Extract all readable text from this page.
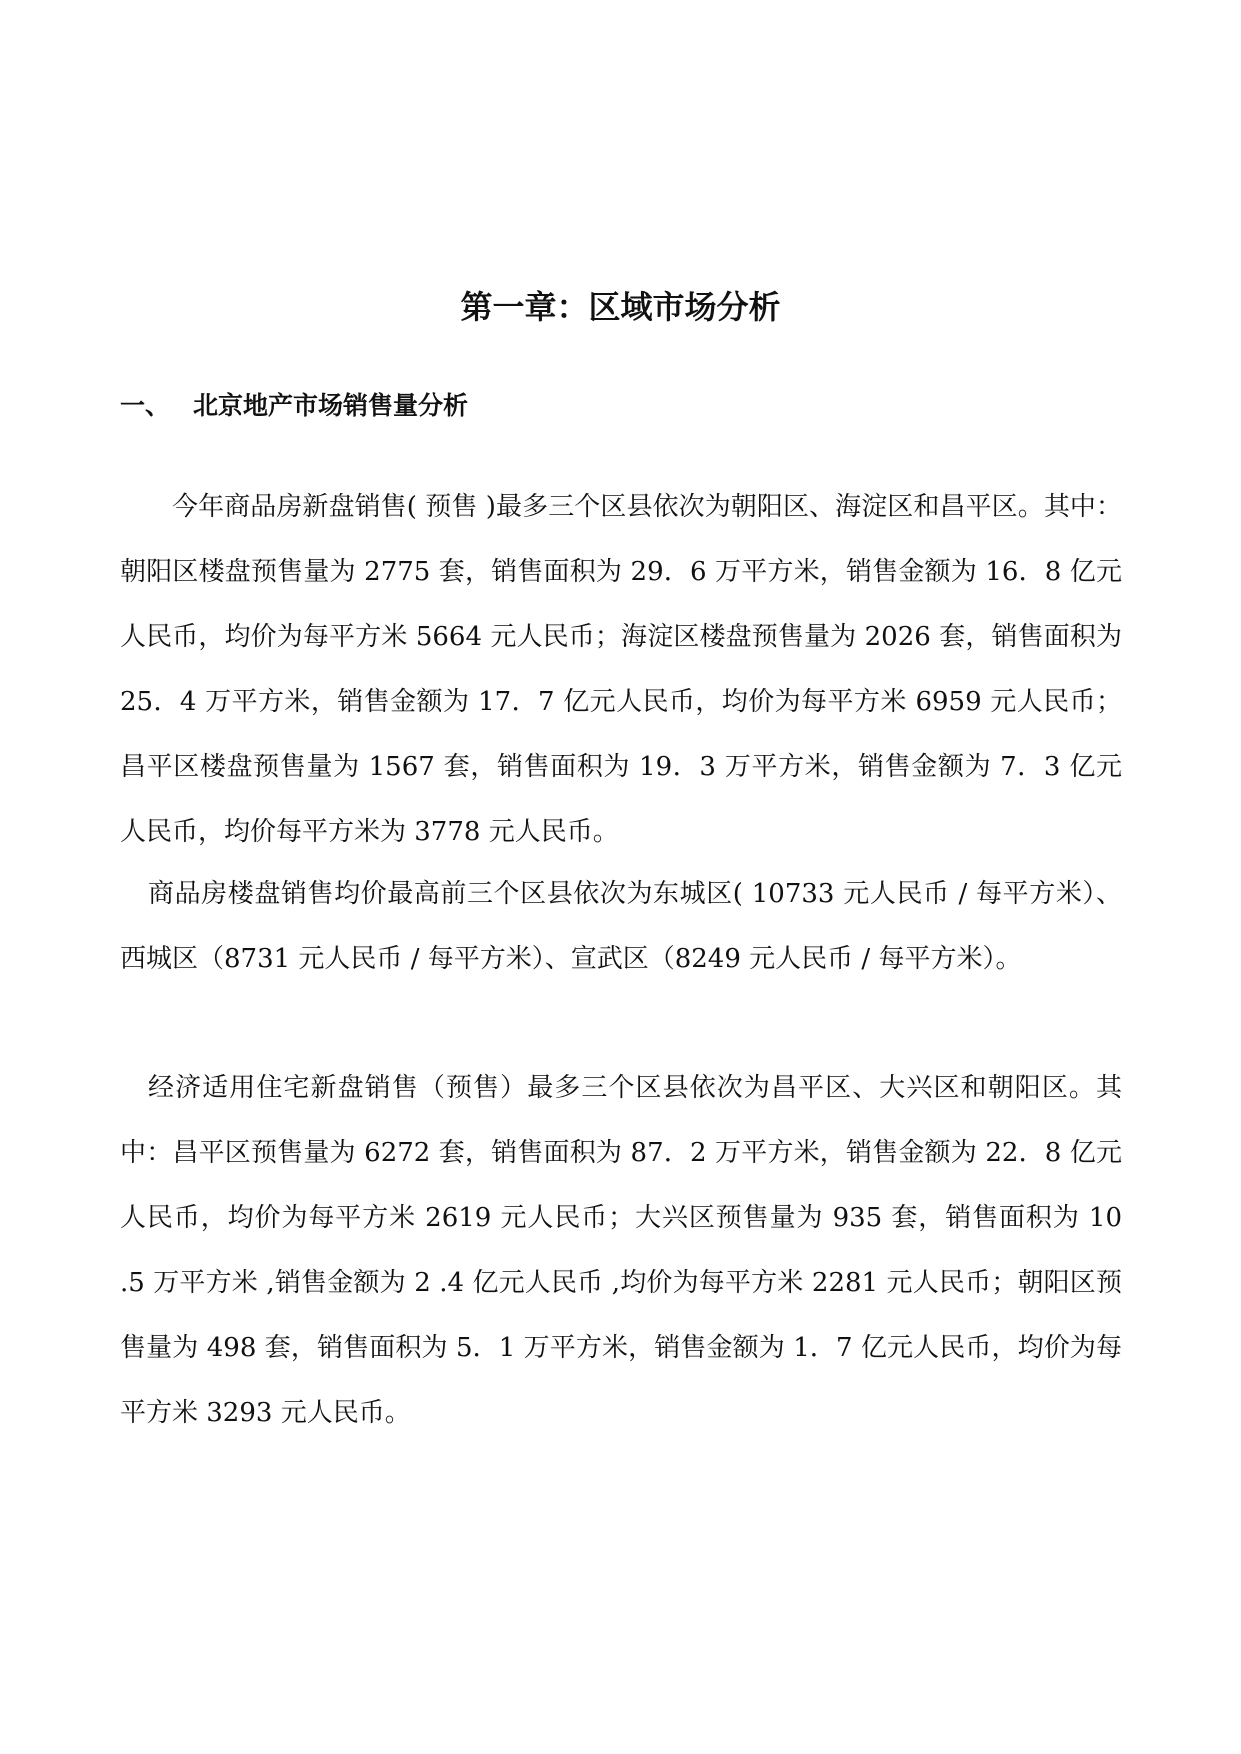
第一章：区域市场分析
一、 北京地产市场销售量分析

今年商品房新盘销售( 预售 )最多三个区县依次为朝阳区、海淀区和昌平区。其中：朝阳区楼盘预售量为 2775 套，销售面积为 29．6 万平方米，销售金额为 16．8 亿元人民币，均价为每平方米 5664 元人民币；海淀区楼盘预售量为 2026 套，销售面积为 25．4 万平方米，销售金额为 17．7 亿元人民币，均价为每平方米 6959 元人民币；昌平区楼盘预售量为 1567 套，销售面积为 19．3 万平方米，销售金额为 7．3 亿元人民币，均价每平方米为 3778 元人民币。

商品房楼盘销售均价最高前三个区县依次为东城区( 10733 元人民币 / 每平方米）、西城区（8731 元人民币 / 每平方米）、宣武区（8249 元人民币 / 每平方米）。

经济适用住宅新盘销售（预售）最多三个区县依次为昌平区、大兴区和朝阳区。其中：昌平区预售量为 6272 套，销售面积为 87．2 万平方米，销售金额为 22．8 亿元人民币，均价为每平方米 2619 元人民币；大兴区预售量为 935 套，销售面积为 10 .5 万平方米 ,销售金额为 2 .4 亿元人民币 ,均价为每平方米 2281 元人民币；朝阳区预售量为 498 套，销售面积为 5．1 万平方米，销售金额为 1．7 亿元人民币，均价为每平方米 3293 元人民币。
